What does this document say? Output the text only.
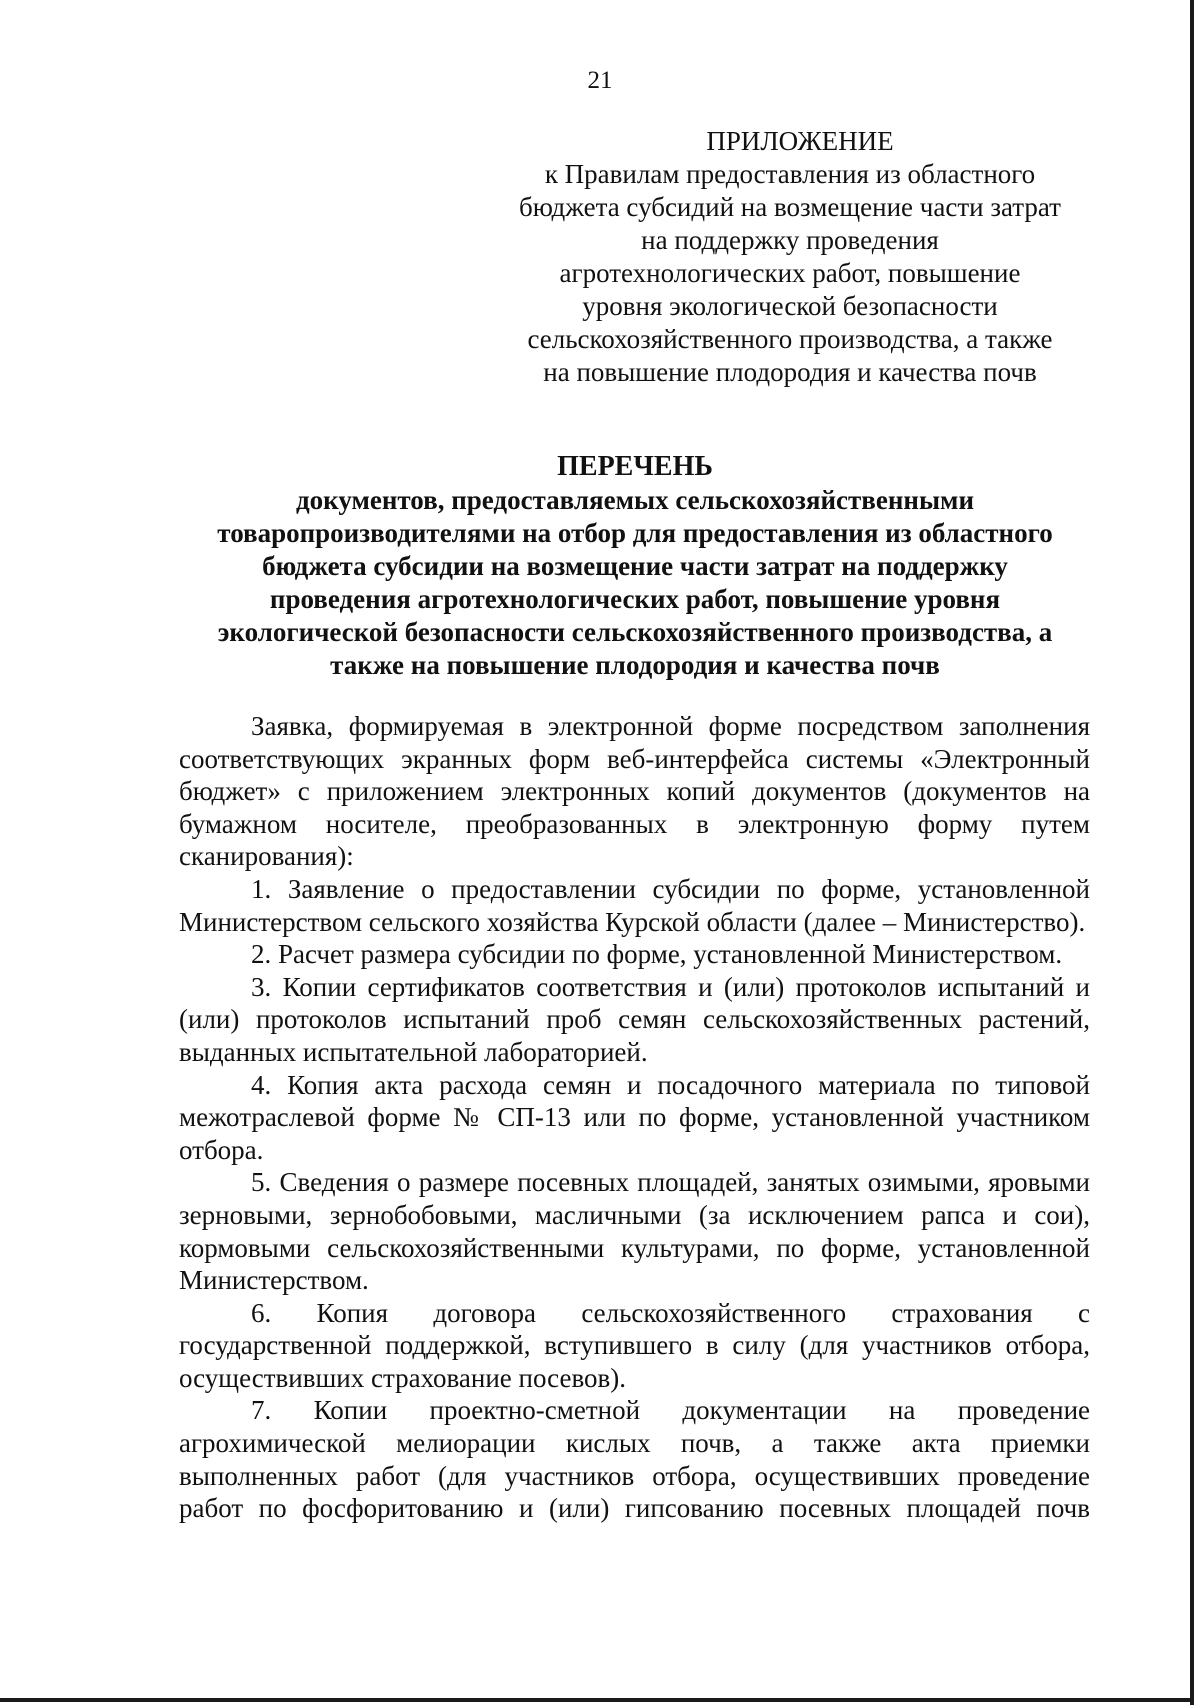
21
ПРИЛОЖЕНИЕ
к Правилам предоставления из областного
бюджета субсидий на возмещение части затрат
на поддержку проведения
агротехнологических работ, повышение
уровня экологической безопасности
сельскохозяйственного производства, а также
на повышение плодородия и качества почв
ПЕРЕЧЕНЬ
документов, предоставляемых сельскохозяйственными
товаропроизводителями на отбор для предоставления из областного
бюджета субсидии на возмещение части затрат на поддержку
проведения агротехнологических работ, повышение уровня
экологической безопасности сельскохозяйственного производства, а
также на повышение плодородия и качества почв

Заявка, формируемая в электронной форме посредством заполнения соответствующих экранных форм веб-интерфейса системы «Электронный бюджет» с приложением электронных копий документов (документов на бумажном носителе, преобразованных в электронную форму путем сканирования):

1. Заявление о предоставлении субсидии по форме, установленной Министерством сельского хозяйства Курской области (далее – Министерство).

2. Расчет размера субсидии по форме, установленной Министерством.

3. Копии сертификатов соответствия и (или) протоколов испытаний и (или) протоколов испытаний проб семян сельскохозяйственных растений, выданных испытательной лабораторией.

4. Копия акта расхода семян и посадочного материала по типовой межотраслевой форме № СП-13 или по форме, установленной участником отбора.

5. Сведения о размере посевных площадей, занятых озимыми, яровыми зерновыми, зернобобовыми, масличными (за исключением рапса и сои), кормовыми сельскохозяйственными культурами, по форме, установленной Министерством.

6. Копия договора сельскохозяйственного страхования с государственной поддержкой, вступившего в силу (для участников отбора, осуществивших страхование посевов).

7. Копии проектно-сметной документации на проведение агрохимической мелиорации кислых почв, а также акта приемки выполненных работ (для участников отбора, осуществивших проведение работ по фосфоритованию и (или) гипсованию посевных площадей почв
